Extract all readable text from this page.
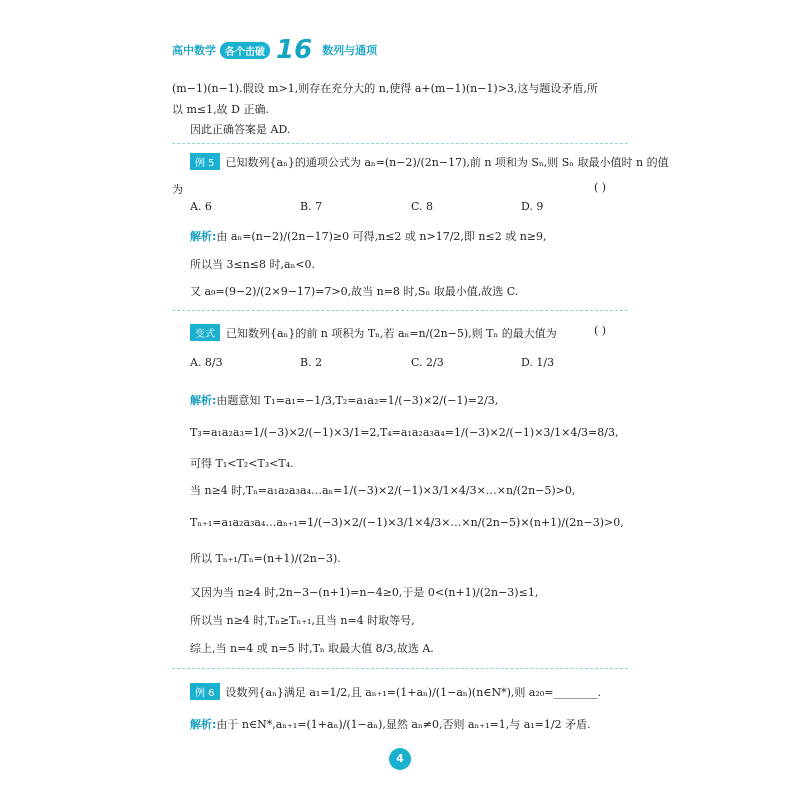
高中数学 各个击破 16 数列与通项
(m−1)(n−1).假设 m>1,则存在充分大的 n,使得 a+(m−1)(n−1)>3,这与题设矛盾,所
以 m≤1,故 D 正确.
因此正确答案是 AD.
例 5 已知数列{aₙ}的通项公式为 aₙ=(n−2)/(2n−17),前 n 项和为 Sₙ,则 Sₙ 取最小值时 n 的值
为	( )
A. 6	B. 7	C. 8	D. 9
解析:由 aₙ=(n−2)/(2n−17)≥0 可得,n≤2 或 n>17/2,即 n≤2 或 n≥9,
所以当 3≤n≤8 时,aₙ<0.
又 a₉=(9−2)/(2×9−17)=7>0,故当 n=8 时,Sₙ 取最小值,故选 C.
变式 已知数列{aₙ}的前 n 项积为 Tₙ,若 aₙ=n/(2n−5),则 Tₙ 的最大值为	( )
A. 8/3	B. 2	C. 2/3	D. 1/3
解析:由题意知 T₁=a₁=−1/3,T₂=a₁a₂=1/(−3)×2/(−1)=2/3,
T₃=a₁a₂a₃=1/(−3)×2/(−1)×3/1=2,T₄=a₁a₂a₃a₄=1/(−3)×2/(−1)×3/1×4/3=8/3,
可得 T₁<T₂<T₃<T₄.
当 n≥4 时,Tₙ=a₁a₂a₃a₄…aₙ=1/(−3)×2/(−1)×3/1×4/3×…×n/(2n−5)>0,
Tₙ₊₁=a₁a₂a₃a₄…aₙ₊₁=1/(−3)×2/(−1)×3/1×4/3×…×n/(2n−5)×(n+1)/(2n−3)>0,
所以 Tₙ₊₁/Tₙ=(n+1)/(2n−3).
又因为当 n≥4 时,2n−3−(n+1)=n−4≥0,于是 0<(n+1)/(2n−3)≤1,
所以当 n≥4 时,Tₙ≥Tₙ₊₁,且当 n=4 时取等号,
综上,当 n=4 或 n=5 时,Tₙ 取最大值 8/3,故选 A.
例 6 设数列{aₙ}满足 a₁=1/2,且 aₙ₊₁=(1+aₙ)/(1−aₙ)(n∈N*),则 a₂₀=________.
解析:由于 n∈N*,aₙ₊₁=(1+aₙ)/(1−aₙ),显然 aₙ≠0,否则 aₙ₊₁=1,与 a₁=1/2 矛盾.
4
